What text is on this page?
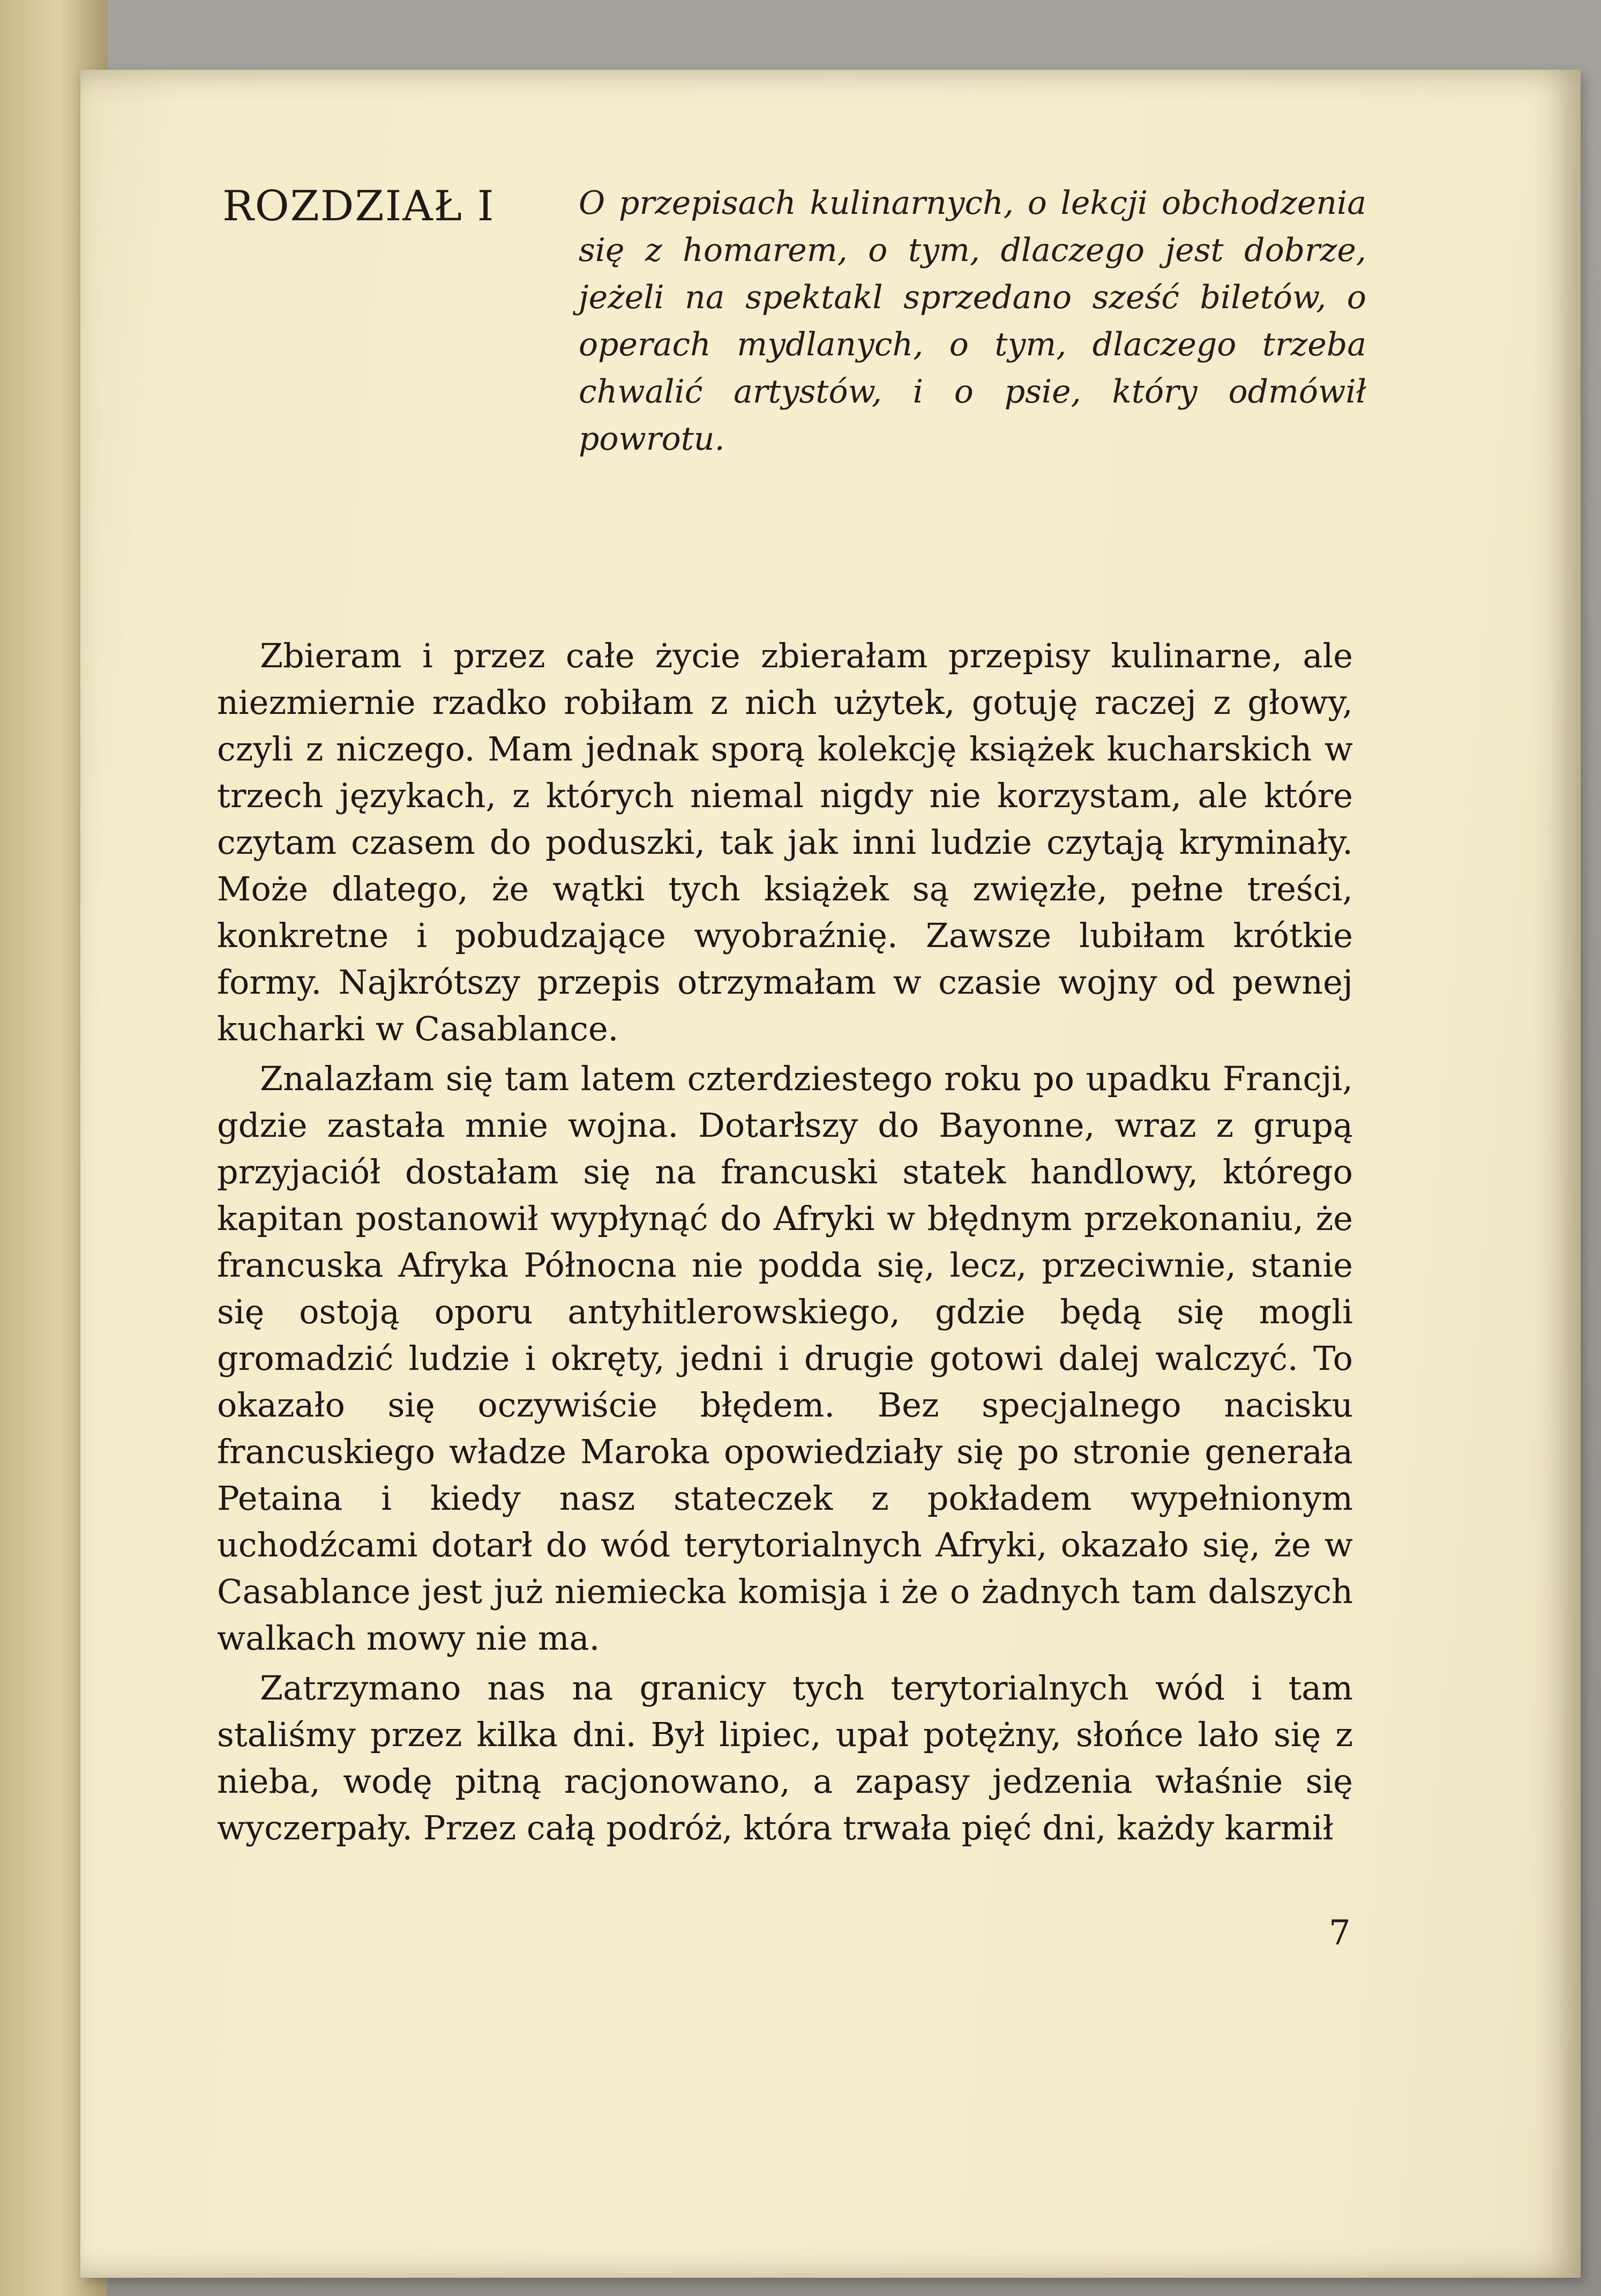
ROZDZIAŁ I	O przepisach kulinarnych, o lekcji obchodzenia się z homarem, o tym, dlaczego jest dobrze, jeżeli na spektakl sprzedano sześć biletów, o operach mydlanych, o tym, dlaczego trzeba chwalić artystów, i o psie, który odmówił powrotu.

Zbieram i przez całe życie zbierałam przepisy kulinarne, ale niezmiernie rzadko robiłam z nich użytek, gotuję raczej z głowy, czyli z niczego. Mam jednak sporą kolekcję książek kucharskich w trzech językach, z których niemal nigdy nie korzystam, ale które czytam czasem do poduszki, tak jak inni ludzie czytają kryminały. Może dlatego, że wątki tych książek są zwięzłe, pełne treści, konkretne i pobudzające wyobraźnię. Zawsze lubiłam krótkie formy. Najkrótszy przepis otrzymałam w czasie wojny od pewnej kucharki w Casablance.

Znalazłam się tam latem czterdziestego roku po upadku Francji, gdzie zastała mnie wojna. Dotarłszy do Bayonne, wraz z grupą przyjaciół dostałam się na francuski statek handlowy, którego kapitan postanowił wypłynąć do Afryki w błędnym przekonaniu, że francuska Afryka Północna nie podda się, lecz, przeciwnie, stanie się ostoją oporu antyhitlerowskiego, gdzie będą się mogli gromadzić ludzie i okręty, jedni i drugie gotowi dalej walczyć. To okazało się oczywiście błędem. Bez specjalnego nacisku francuskiego władze Maroka opowiedziały się po stronie generała Petaina i kiedy nasz stateczek z pokładem wypełnionym uchodźcami dotarł do wód terytorialnych Afryki, okazało się, że w Casablance jest już niemiecka komisja i że o żadnych tam dalszych walkach mowy nie ma.

Zatrzymano nas na granicy tych terytorialnych wód i tam staliśmy przez kilka dni. Był lipiec, upał potężny, słońce lało się z nieba, wodę pitną racjonowano, a zapasy jedzenia właśnie się wyczerpały. Przez całą podróż, która trwała pięć dni, każdy karmił

7
